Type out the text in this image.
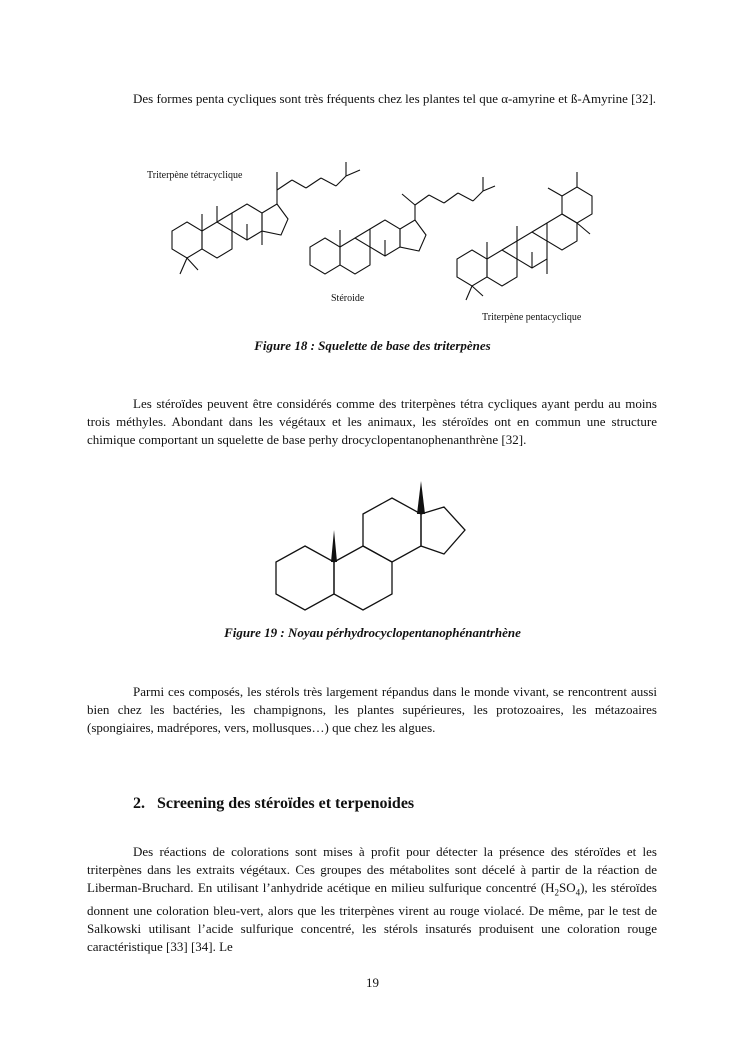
Des formes penta cycliques sont très fréquents chez les plantes tel que α-amyrine et ß-Amyrine [32].

Triterpène tétracyclique
Stéroide
Triterpène pentacyclique

Figure 18 : Squelette de base des triterpènes

Les stéroïdes peuvent être considérés comme des triterpènes tétra cycliques ayant perdu au moins trois méthyles. Abondant dans les végétaux et les animaux, les stéroïdes ont en commun une structure chimique comportant un squelette de base perhy drocyclopentanophenanthrène [32].

Figure 19 : Noyau pérhydrocyclopentanophénantrhène

Parmi ces composés, les stérols très largement répandus dans le monde vivant, se rencontrent aussi bien chez les bactéries, les champignons, les plantes supérieures, les protozoaires, les métazoaires (spongiaires, madrépores, vers, mollusques…) que chez les algues.

2. Screening des stéroïdes et terpenoides

Des réactions de colorations sont mises à profit pour détecter la présence des stéroïdes et les triterpènes dans les extraits végétaux. Ces groupes des métabolites sont décelé à partir de la réaction de Liberman-Bruchard. En utilisant l’anhydride acétique en milieu sulfurique concentré $(H_2SO_4)$, les stéroïdes donnent une coloration bleu-vert, alors que les triterpènes virent au rouge violacé. De même, par le test de Salkowski utilisant l’acide sulfurique concentré, les stérols insaturés produisent une coloration rouge caractéristique [33] [34]. Le

19
